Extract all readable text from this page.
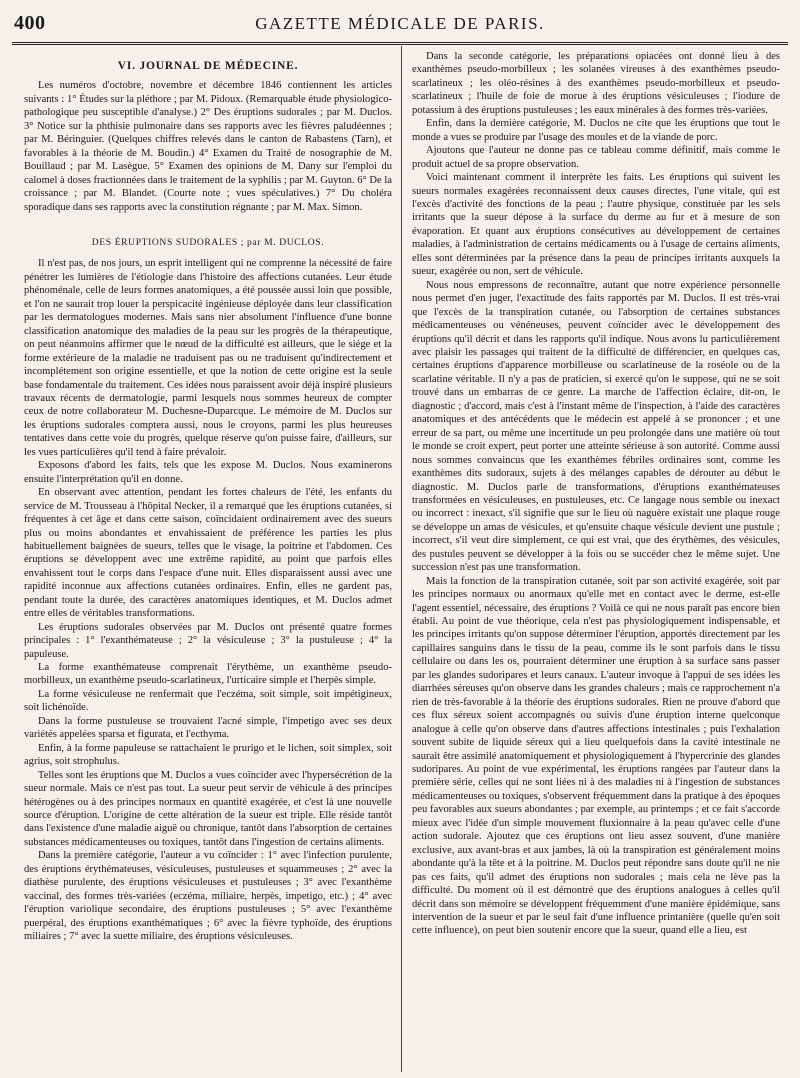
400	GAZETTE MÉDICALE DE PARIS.
VI. JOURNAL DE MÉDECINE.

Les numéros d'octobre, novembre et décembre 1846 contiennent les articles suivants : 1° Études sur la pléthore ; par M. Pidoux. (Remarquable étude physiologico-pathologique peu susceptible d'analyse.) 2° Des éruptions sudorales ; par M. Duclos. 3° Notice sur la phthisie pulmonaire dans ses rapports avec les fièvres paludéennes ; par M. Béringuier. (Quelques chiffres relevés dans le canton de Rabastens (Tarn), et favorables à la théorie de M. Boudin.) 4° Examen du Traité de nosographie de M. Bouillaud ; par M. Lasègue. 5° Examen des opinions de M. Dany sur l'emploi du calomel à doses fractionnées dans le traitement de la syphilis ; par M. Guyton. 6° De la croissance ; par M. Blandet. (Courte note ; vues spéculatives.) 7° Du choléra sporadique dans ses rapports avec la constitution régnante ; par M. Max. Simon.

DES ÉRUPTIONS SUDORALES ; par M. DUCLOS.

Il n'est pas, de nos jours, un esprit intelligent qui ne comprenne la nécessité de faire pénétrer les lumières de l'étiologie dans l'histoire des affections cutanées. Leur étude phénoménale, celle de leurs formes anatomiques, a été poussée aussi loin que possible, et l'on ne saurait trop louer la perspicacité ingénieuse déployée dans leur classification par les dermatologues modernes. Mais sans nier absolument l'influence d'une bonne classification anatomique des maladies de la peau sur les progrès de la thérapeutique, on peut néanmoins affirmer que le nœud de la difficulté est ailleurs, que le siége et la forme extérieure de la maladie ne traduisent pas ou ne traduisent qu'indirectement et incomplétement son origine essentielle, et que la notion de cette origine est la seule base fondamentale du traitement. Ces idées nous paraissent avoir déjà inspiré plusieurs travaux récents de dermatologie, parmi lesquels nous sommes heureux de compter ceux de notre collaborateur M. Duchesne-Duparcque. Le mémoire de M. Duclos sur les éruptions sudorales comptera aussi, nous le croyons, parmi les plus heureuses tentatives dans cette voie du progrès, quelque réserve qu'on puisse faire, d'ailleurs, sur les vues particulières qu'il tend à faire prévaloir.

Exposons d'abord les faits, tels que les expose M. Duclos. Nous examinerons ensuite l'interprétation qu'il en donne.

En observant avec attention, pendant les fortes chaleurs de l'été, les enfants du service de M. Trousseau à l'hôpital Necker, il a remarqué que les éruptions cutanées, si fréquentes à cet âge et dans cette saison, coïncidaient ordinairement avec des sueurs plus ou moins abondantes et envahissaient de préférence les parties les plus habituellement baignées de sueurs, telles que le visage, la poitrine et l'abdomen. Ces éruptions se développent avec une extrême rapidité, au point que parfois elles envahissent tout le corps dans l'espace d'une nuit. Elles disparaissent aussi avec une rapidité inconnue aux affections cutanées ordinaires. Enfin, elles ne gardent pas, pendant toute la durée, des caractères anatomiques identiques, et M. Duclos admet entre elles de véritables transformations.

Les éruptions sudorales observées par M. Duclos ont présenté quatre formes principales : 1° l'exanthémateuse ; 2° la vésiculeuse ; 3° la pustuleuse ; 4° la papuleuse.

La forme exanthémateuse comprenait l'érythème, un exanthème pseudo-morbilleux, un exanthème pseudo-scarlatineux, l'urticaire simple et l'herpès simple.

La forme vésiculeuse ne renfermait que l'eczéma, soit simple, soit impétigineux, soit lichénoïde.

Dans la forme pustuleuse se trouvaient l'acné simple, l'impetigo avec ses deux variétés appelées sparsa et figurata, et l'ecthyma.

Enfin, à la forme papuleuse se rattachaient le prurigo et le lichen, soit simplex, soit agrius, soit strophulus.

Telles sont les éruptions que M. Duclos a vues coïncider avec l'hypersécrétion de la sueur normale. Mais ce n'est pas tout. La sueur peut servir de véhicule à des principes hétérogènes ou à des principes normaux en quantité exagérée, et c'est là une nouvelle source d'éruption. L'origine de cette altération de la sueur est triple. Elle réside tantôt dans l'existence d'une maladie aiguë ou chronique, tantôt dans l'absorption de certaines substances médicamenteuses ou toxiques, tantôt dans l'ingestion de certains aliments.

Dans la première catégorie, l'auteur a vu coïncider : 1° avec l'infection purulente, des éruptions érythémateuses, vésiculeuses, pustuleuses et squammeuses ; 2° avec la diathèse purulente, des éruptions vésiculeuses et pustuleuses ; 3° avec l'exanthème vaccinal, des formes très-variées (eczéma, miliaire, herpès, impetigo, etc.) ; 4° avec l'éruption variolique secondaire, des éruptions pustuleuses ; 5° avec l'exanthème puerpéral, des éruptions exanthématiques ; 6° avec la fièvre typhoïde, des éruptions miliaires ; 7° avec la suette miliaire, des éruptions vésiculeuses.

Dans la seconde catégorie, les préparations opiacées ont donné lieu à des exanthèmes pseudo-morbilleux ; les solanées vireuses à des exanthèmes pseudo-scarlatineux ; les oléo-résines à des exanthèmes pseudo-morbilleux et pseudo-scarlatineux ; l'huile de foie de morue à des éruptions vésiculeuses ; l'iodure de potassium à des éruptions pustuleuses ; les eaux minérales à des formes très-variées.

Enfin, dans la dernière catégorie, M. Duclos ne cite que les éruptions que tout le monde a vues se produire par l'usage des moules et de la viande de porc.

Ajoutons que l'auteur ne donne pas ce tableau comme définitif, mais comme le produit actuel de sa propre observation.

Voici maintenant comment il interprète les faits. Les éruptions qui suivent les sueurs normales exagérées reconnaissent deux causes directes, l'une vitale, qui est l'excès d'activité des fonctions de la peau ; l'autre physique, constituée par les sels irritants que la sueur dépose à la surface du derme au fur et à mesure de son évaporation. Et quant aux éruptions consécutives au développement de certaines maladies, à l'administration de certains médicaments ou à l'usage de certains aliments, elles sont déterminées par la présence dans la peau de principes irritants auxquels la sueur, exagérée ou non, sert de véhicule.

Nous nous empressons de reconnaître, autant que notre expérience personnelle nous permet d'en juger, l'exactitude des faits rapportés par M. Duclos. Il est très-vrai que l'excès de la transpiration cutanée, ou l'absorption de certaines substances médicamenteuses ou vénéneuses, peuvent coïncider avec le développement des éruptions qu'il décrit et dans les rapports qu'il indique. Nous avons lu particulièrement avec plaisir les passages qui traitent de la difficulté de différencier, en quelques cas, certaines éruptions d'apparence morbilleuse ou scarlatineuse de la roséole ou de la scarlatine véritable. Il n'y a pas de praticien, si exercé qu'on le suppose, qui ne se soit trouvé dans un embarras de ce genre. La marche de l'affection éclaire, dit-on, le diagnostic ; d'accord, mais c'est à l'instant même de l'inspection, à l'aide des caractères anatomiques et des antécédents que le médecin est appelé à se prononcer ; et une erreur de sa part, ou même une incertitude un peu prolongée dans une matière où tout le monde se croit expert, peut porter une atteinte sérieuse à son autorité. Comme aussi nous sommes convaincus que les exanthèmes fébriles ordinaires sont, comme les exanthèmes dits sudoraux, sujets à des mélanges capables de dérouter au début le diagnostic. M. Duclos parle de transformations, d'éruptions exanthémateuses transformées en vésiculeuses, en pustuleuses, etc. Ce langage nous semble ou inexact ou incorrect : inexact, s'il signifie que sur le lieu où naguère existait une plaque rouge se développe un amas de vésicules, et qu'ensuite chaque vésicule devient une pustule ; incorrect, s'il veut dire simplement, ce qui est vrai, que des érythèmes, des vésicules, des pustules peuvent se développer à la fois ou se succéder chez le même sujet. Une succession n'est pas une transformation.

Mais la fonction de la transpiration cutanée, soit par son activité exagérée, soit par les principes normaux ou anormaux qu'elle met en contact avec le derme, est-elle l'agent essentiel, nécessaire, des éruptions ? Voilà ce qui ne nous paraît pas encore bien établi. Au point de vue théorique, cela n'est pas physiologiquement indispensable, et les principes irritants qu'on suppose déterminer l'éruption, apportés directement par les capillaires sanguins dans le tissu de la peau, comme ils le sont parfois dans le tissu cellulaire ou dans les os, pourraient déterminer une éruption à sa surface sans passer par les glandes sudoripares et leurs canaux. L'auteur invoque à l'appui de ses idées les diarrhées séreuses qu'on observe dans les grandes chaleurs ; mais ce rapprochement n'a rien de très-favorable à la théorie des éruptions sudorales. Rien ne prouve d'abord que ces flux séreux soient accompagnés ou suivis d'une éruption interne quelconque analogue à celle qu'on observe dans d'autres affections intestinales ; puis l'exhalation souvent subite de liquide séreux qui a lieu quelquefois dans la cavité intestinale ne saurait être assimilé anatomiquement et physiologiquement à l'hypercrinie des glandes sudoripares. Au point de vue expérimental, les éruptions rangées par l'auteur dans la première série, celles qui ne sont liées ni à des maladies ni à l'ingestion de substances médicamenteuses ou toxiques, s'observent fréquemment dans la pratique à des époques peu favorables aux sueurs abondantes ; par exemple, au printemps ; et ce fait s'accorde mieux avec l'idée d'un simple mouvement fluxionnaire à la peau qu'avec celle d'une action sudorale. Ajoutez que ces éruptions ont lieu assez souvent, d'une manière exclusive, aux avant-bras et aux jambes, là où la transpiration est généralement moins abondante qu'à la tête et à la poitrine. M. Duclos peut répondre sans doute qu'il ne nie pas ces faits, qu'il admet des éruptions non sudorales ; mais cela ne lève pas la difficulté. Du moment où il est démontré que des éruptions analogues à celles qu'il décrit dans son mémoire se développent fréquemment d'une manière épidémique, sans intervention de la sueur et par le seul fait d'une influence printanière (quelle qu'en soit cette influence), on peut bien soutenir encore que la sueur, quand elle a lieu, est
